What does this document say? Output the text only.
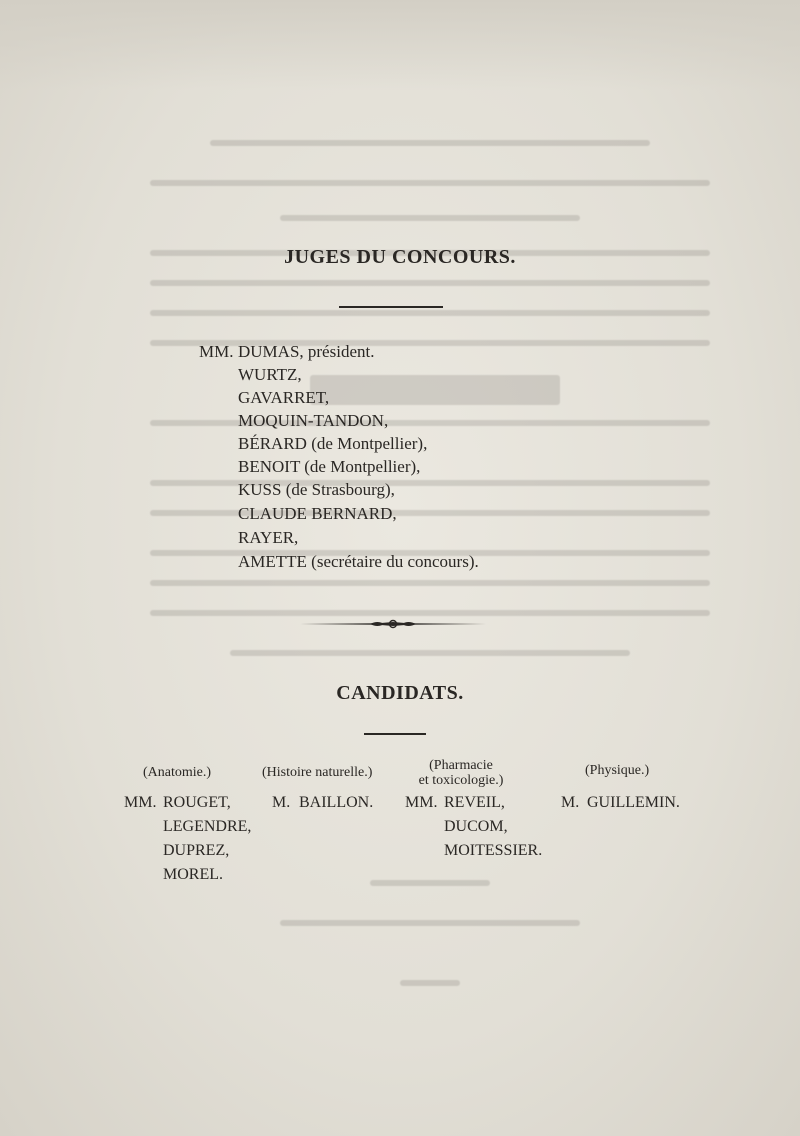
JUGES DU CONCOURS.
MM. DUMAS, président.
WURTZ,
GAVARRET,
MOQUIN-TANDON,
BÉRARD (de Montpellier),
BENOIT (de Montpellier),
KUSS (de Strasbourg),
CLAUDE BERNARD,
RAYER,
AMETTE (secrétaire du concours).
CANDIDATS.
(Anatomie.)
MM. ROUGET,
LEGENDRE,
DUPREZ,
MOREL.
(Histoire naturelle.)
M. BAILLON.
(Pharmacie
et toxicologie.)
MM. REVEIL,
DUCOM,
MOITESSIER.
(Physique.)
M. GUILLEMIN.
